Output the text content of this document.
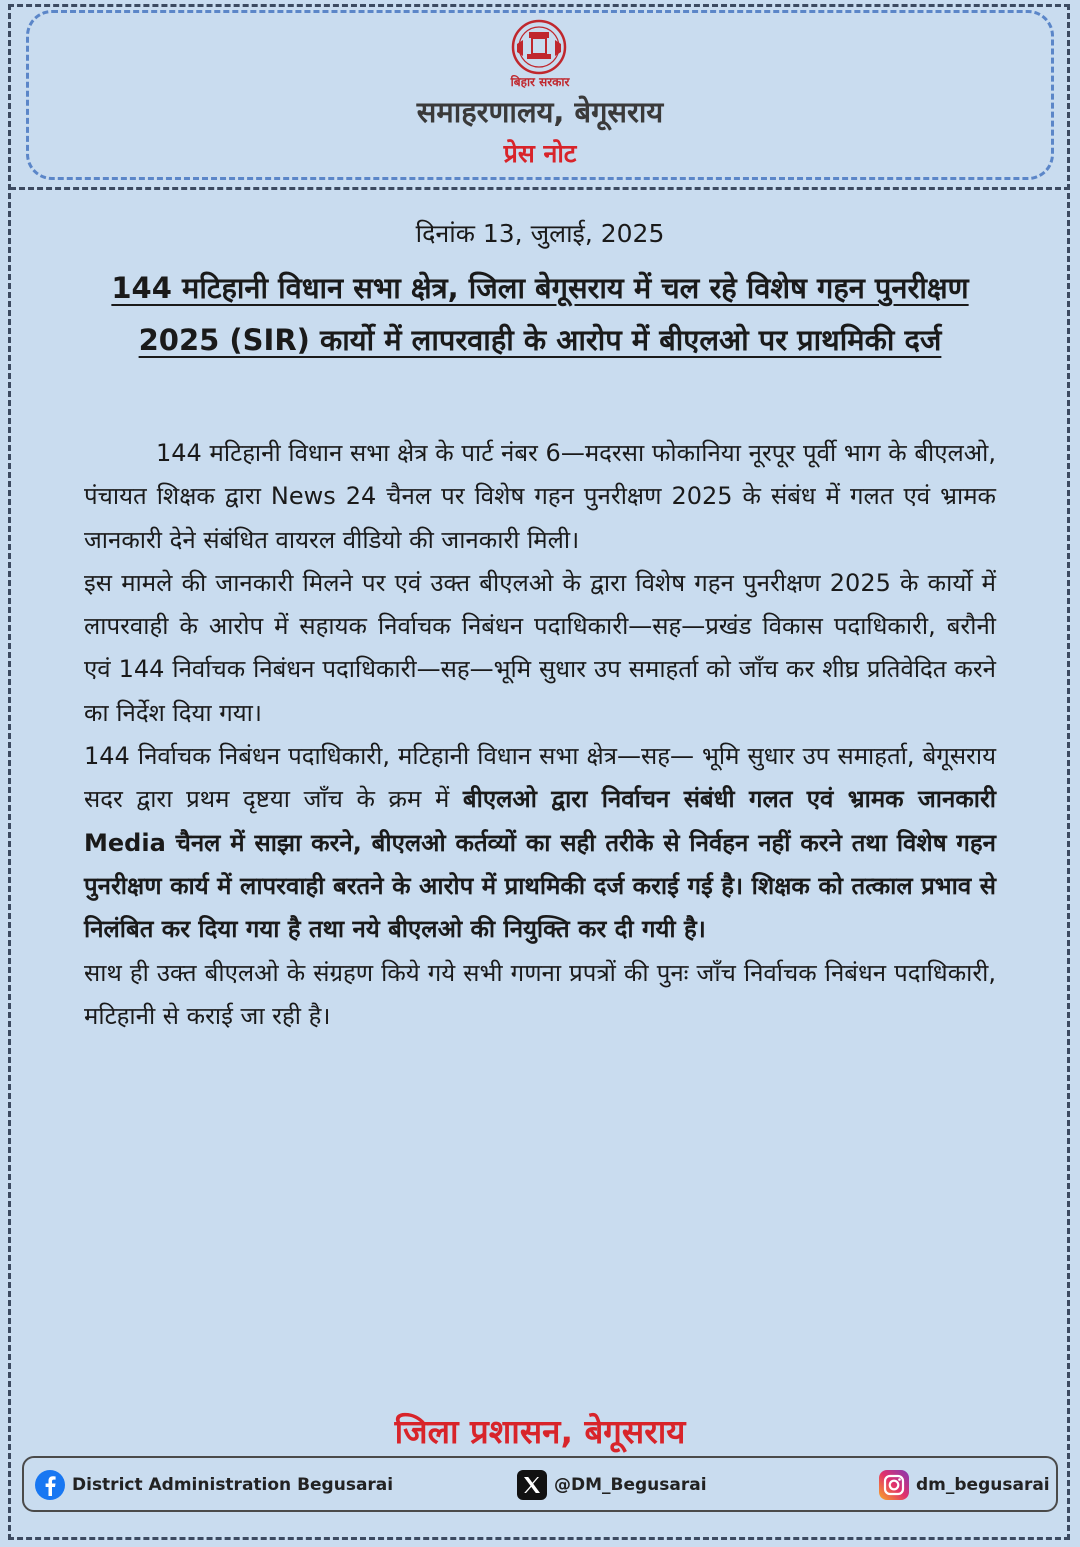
बिहार सरकार
समाहरणालय, बेगूसराय
प्रेस नोट
दिनांक 13, जुलाई, 2025
144 मटिहानी विधान सभा क्षेत्र, जिला बेगूसराय में चल रहे विशेष गहन पुनरीक्षण 2025 (SIR) कार्यो में लापरवाही के आरोप में बीएलओ पर प्राथमिकी दर्ज

144 मटिहानी विधान सभा क्षेत्र के पार्ट नंबर 6—मदरसा फोकानिया नूरपूर पूर्वी भाग के बीएलओ, पंचायत शिक्षक द्वारा News 24 चैनल पर विशेष गहन पुनरीक्षण 2025 के संबंध में गलत एवं भ्रामक जानकारी देने संबंधित वायरल वीडियो की जानकारी मिली।

इस मामले की जानकारी मिलने पर एवं उक्त बीएलओ के द्वारा विशेष गहन पुनरीक्षण 2025 के कार्यो में लापरवाही के आरोप में सहायक निर्वाचक निबंधन पदाधिकारी—सह—प्रखंड विकास पदाधिकारी, बरौनी एवं 144 निर्वाचक निबंधन पदाधिकारी—सह—भूमि सुधार उप समाहर्ता को जाँच कर शीघ्र प्रतिवेदित करने का निर्देश दिया गया।

144 निर्वाचक निबंधन पदाधिकारी, मटिहानी विधान सभा क्षेत्र—सह— भूमि सुधार उप समाहर्ता, बेगूसराय सदर द्वारा प्रथम दृष्टया जाँच के क्रम में बीएलओ द्वारा निर्वाचन संबंधी गलत एवं भ्रामक जानकारी Media चैनल में साझा करने, बीएलओ कर्तव्यों का सही तरीके से निर्वहन नहीं करने तथा विशेष गहन पुनरीक्षण कार्य में लापरवाही बरतने के आरोप में प्राथमिकी दर्ज कराई गई है। शिक्षक को तत्काल प्रभाव से निलंबित कर दिया गया है तथा नये बीएलओ की नियुक्ति कर दी गयी है।

साथ ही उक्त बीएलओ के संग्रहण किये गये सभी गणना प्रपत्रों की पुनः जाँच निर्वाचक निबंधन पदाधिकारी, मटिहानी से कराई जा रही है।

जिला प्रशासन, बेगूसराय
District Administration Begusarai	@DM_Begusarai	dm_begusarai
